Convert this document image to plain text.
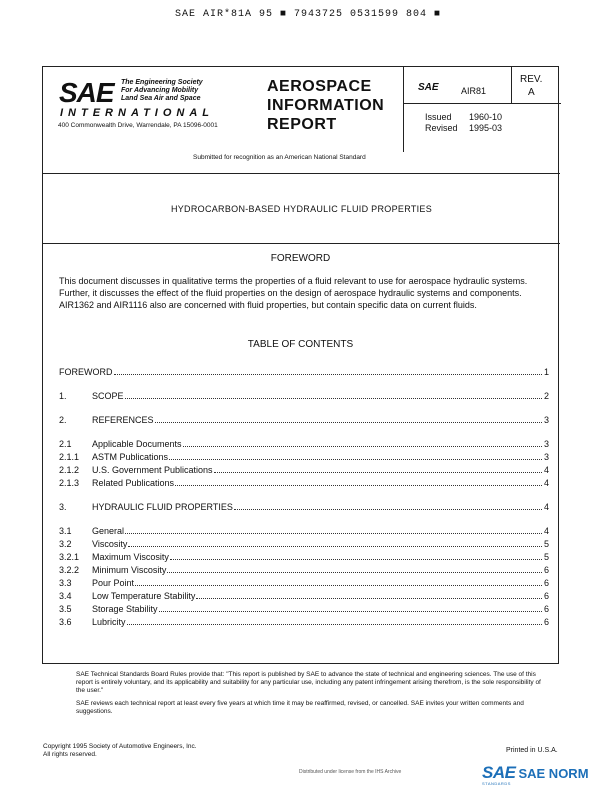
SAE AIR*81A 95 ■ 7943725 0531599 804 ■
SAE The Engineering Society
For Advancing Mobility
Land Sea Air and Space
INTERNATIONAL
400 Commonwealth Drive, Warrendale, PA 15096-0001
AEROSPACE
INFORMATION
REPORT
SAE AIR81
REV.
A
Issued	1960-10
Revised	1995-03
Submitted for recognition as an American National Standard
HYDROCARBON-BASED HYDRAULIC FLUID PROPERTIES
FOREWORD
This document discusses in qualitative terms the properties of a fluid relevant to use for aerospace hydraulic systems. Further, it discusses the effect of the fluid properties on the design of aerospace hydraulic systems and components. AIR1362 and AIR1116 also are concerned with fluid properties, but contain specific data on current fluids.
TABLE OF CONTENTS
FOREWORD	1
1.	SCOPE	2
2.	REFERENCES	3
2.1	Applicable Documents	3
2.1.1	ASTM Publications	3
2.1.2	U.S. Government Publications	4
2.1.3	Related Publications	4
3.	HYDRAULIC FLUID PROPERTIES	4
3.1	General	4
3.2	Viscosity	5
3.2.1	Maximum Viscosity	5
3.2.2	Minimum Viscosity	6
3.3	Pour Point	6
3.4	Low Temperature Stability	6
3.5	Storage Stability	6
3.6	Lubricity	6

SAE Technical Standards Board Rules provide that: "This report is published by SAE to advance the state of technical and engineering sciences. The use of this report is entirely voluntary, and its applicability and suitability for any particular use, including any patent infringement arising therefrom, is the sole responsibility of the user."

SAE reviews each technical report at least every five years at which time it may be reaffirmed, revised, or cancelled. SAE invites your written comments and suggestions.

Copyright 1995 Society of Automotive Engineers, Inc.
All rights reserved.
Printed in U.S.A.
Distributed under license from the IHS Archive	SAE SAE NORM
STANDARDS
